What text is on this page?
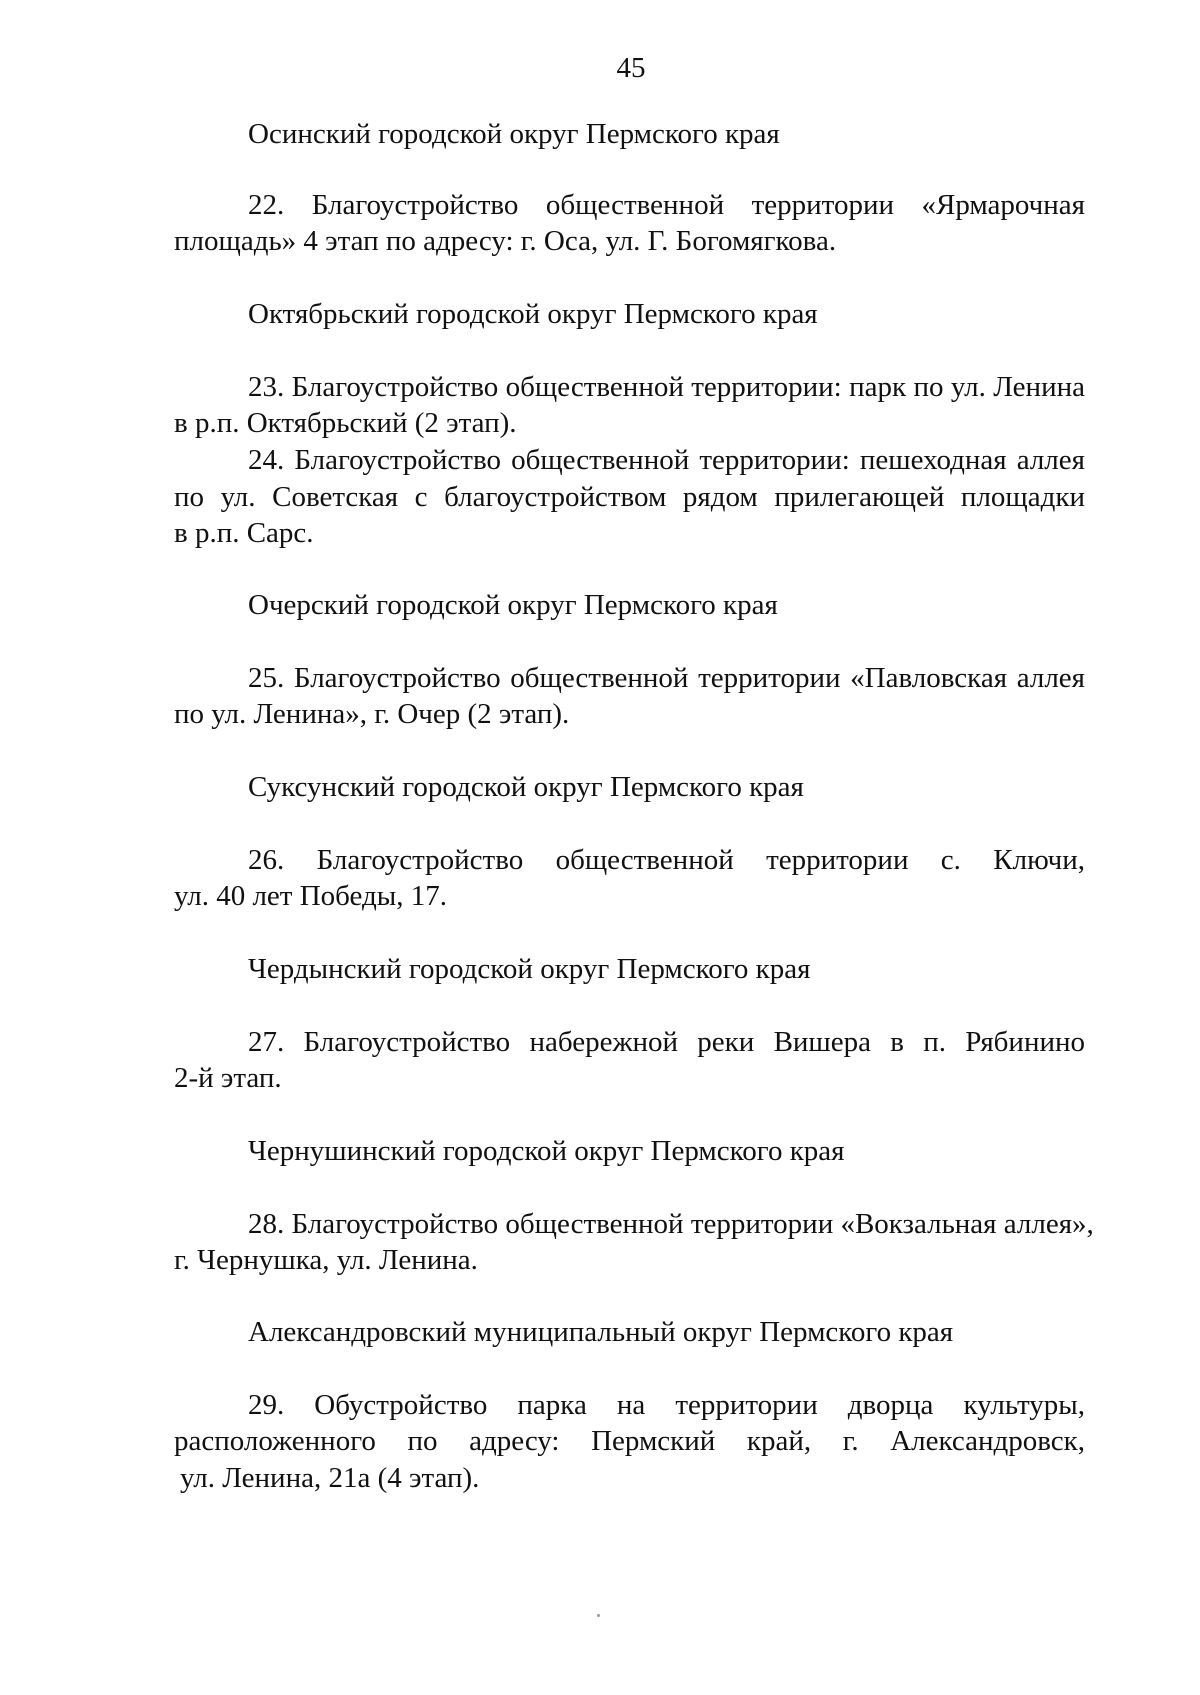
45
Осинский городской округ Пермского края
22. Благоустройство общественной территории «Ярмарочная
площадь» 4 этап по адресу: г. Оса, ул. Г. Богомягкова.
Октябрьский городской округ Пермского края
23. Благоустройство общественной территории: парк по ул. Ленина
в р.п. Октябрьский (2 этап).
24. Благоустройство общественной территории: пешеходная аллея
по ул. Советская с благоустройством рядом прилегающей площадки
в р.п. Сарс.
Очерский городской округ Пермского края
25. Благоустройство общественной территории «Павловская аллея
по ул. Ленина», г. Очер (2 этап).
Суксунский городской округ Пермского края
26. Благоустройство общественной территории с. Ключи,
ул. 40 лет Победы, 17.
Чердынский городской округ Пермского края
27. Благоустройство набережной реки Вишера в п. Рябинино
2-й этап.
Чернушинский городской округ Пермского края
28. Благоустройство общественной территории «Вокзальная аллея»,
г. Чернушка, ул. Ленина.
Александровский муниципальный округ Пермского края
29. Обустройство парка на территории дворца культуры,
расположенного по адресу: Пермский край, г. Александровск,
ул. Ленина, 21а (4 этап).
